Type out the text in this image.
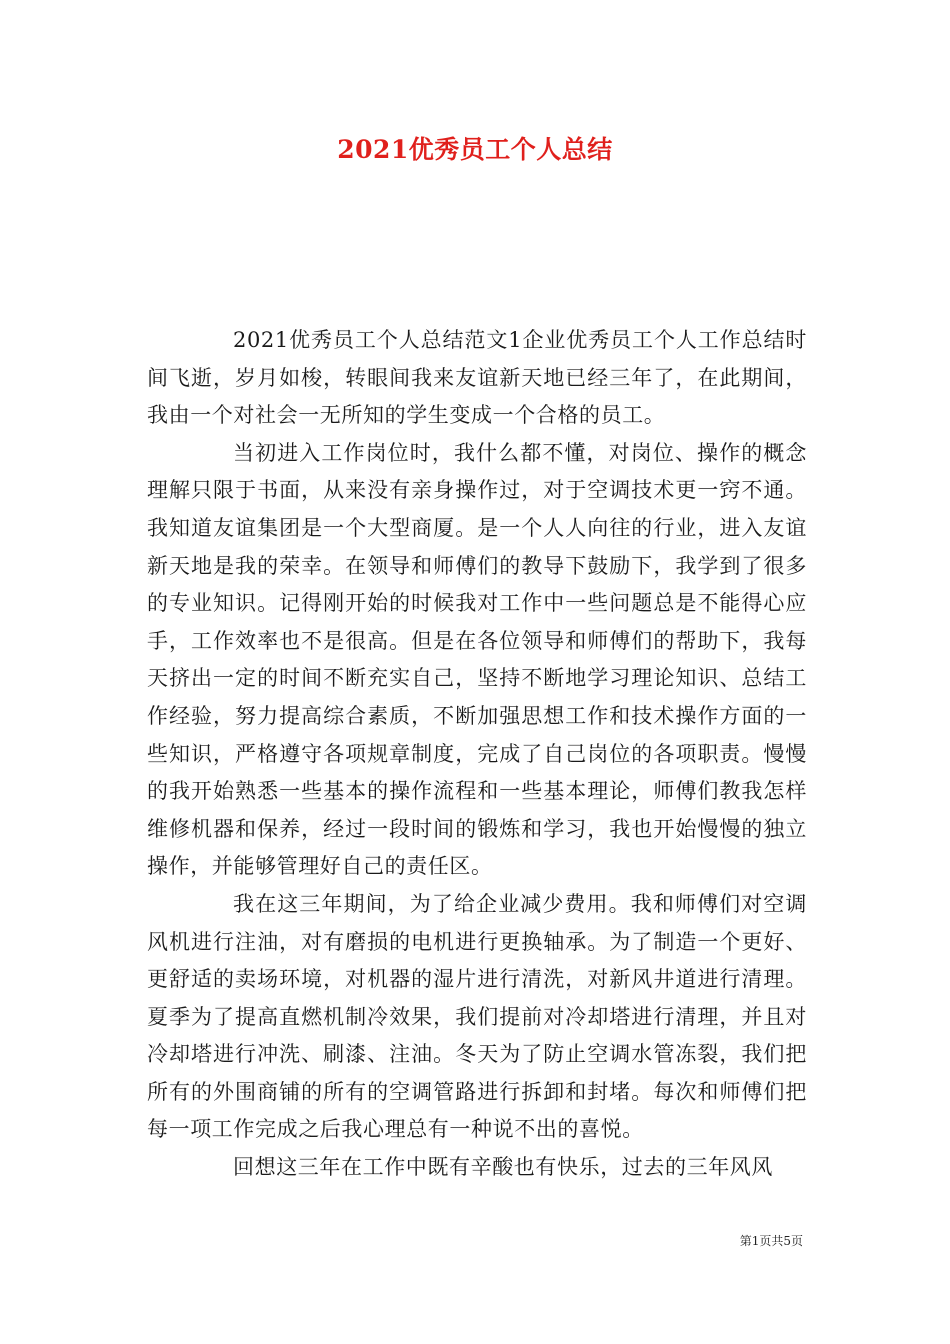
2021优秀员工个人总结

2021优秀员工个人总结范文1企业优秀员工个人工作总结时间飞逝，岁月如梭，转眼间我来友谊新天地已经三年了，在此期间，我由一个对社会一无所知的学生变成一个合格的员工。

当初进入工作岗位时，我什么都不懂，对岗位、操作的概念理解只限于书面，从来没有亲身操作过，对于空调技术更一窍不通。我知道友谊集团是一个大型商厦。是一个人人向往的行业，进入友谊新天地是我的荣幸。在领导和师傅们的教导下鼓励下，我学到了很多的专业知识。记得刚开始的时候我对工作中一些问题总是不能得心应手，工作效率也不是很高。但是在各位领导和师傅们的帮助下，我每天挤出一定的时间不断充实自己，坚持不断地学习理论知识、总结工作经验，努力提高综合素质，不断加强思想工作和技术操作方面的一些知识，严格遵守各项规章制度，完成了自己岗位的各项职责。慢慢的我开始熟悉一些基本的操作流程和一些基本理论，师傅们教我怎样维修机器和保养，经过一段时间的锻炼和学习，我也开始慢慢的独立操作，并能够管理好自己的责任区。

我在这三年期间，为了给企业减少费用。我和师傅们对空调风机进行注油，对有磨损的电机进行更换轴承。为了制造一个更好、更舒适的卖场环境，对机器的湿片进行清洗，对新风井道进行清理。夏季为了提高直燃机制冷效果，我们提前对冷却塔进行清理，并且对冷却塔进行冲洗、刷漆、注油。冬天为了防止空调水管冻裂，我们把所有的外围商铺的所有的空调管路进行拆卸和封堵。每次和师傅们把每一项工作完成之后我心理总有一种说不出的喜悦。

回想这三年在工作中既有辛酸也有快乐，过去的三年风风

第1页共5页
